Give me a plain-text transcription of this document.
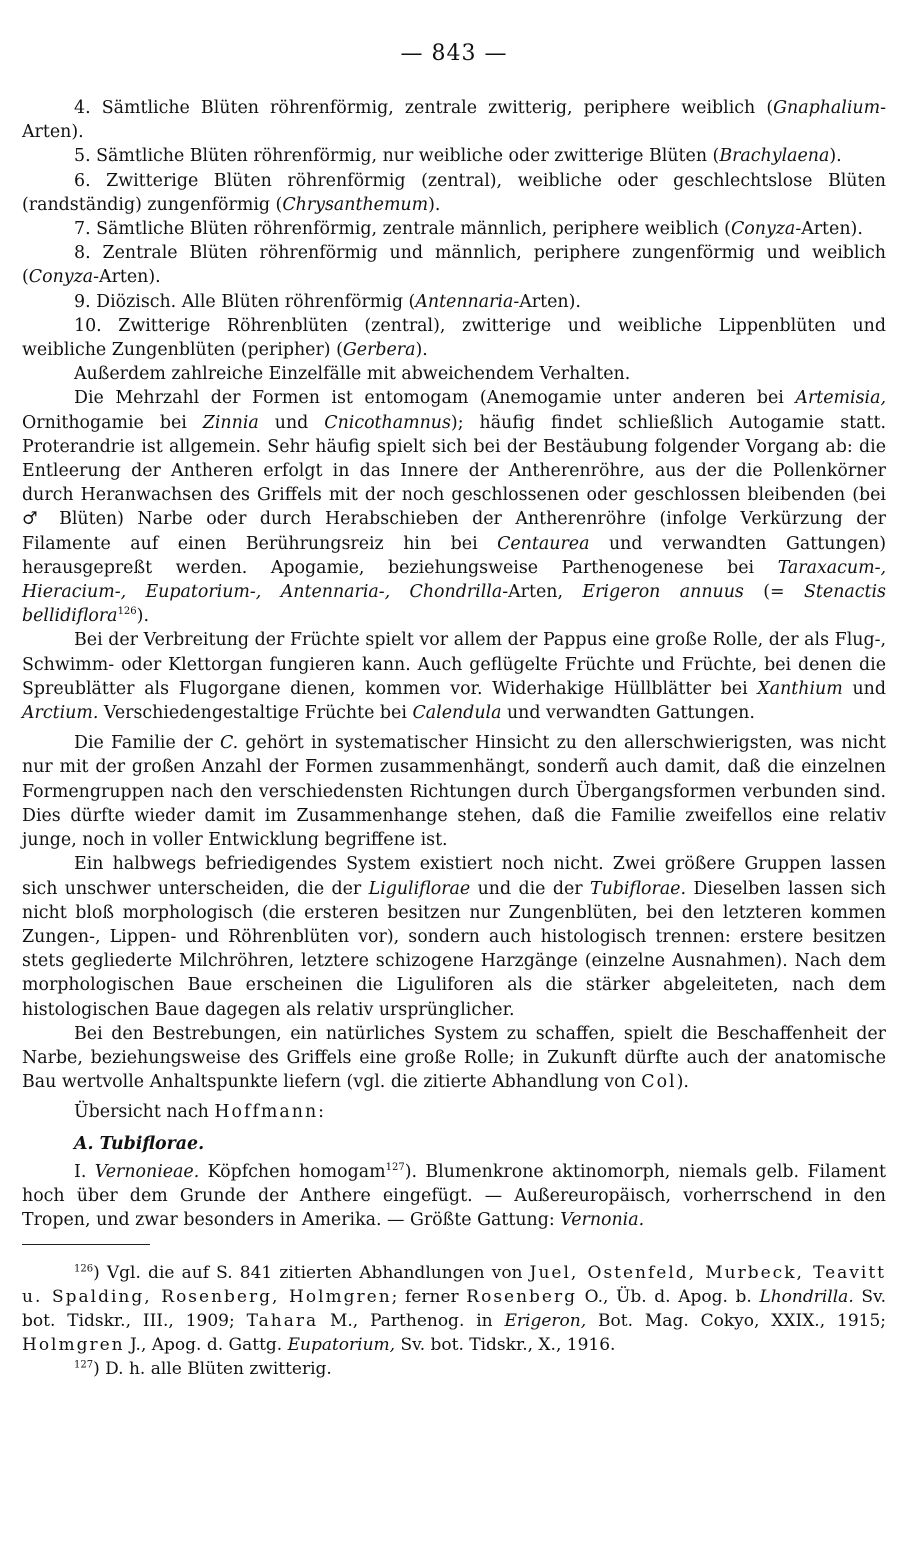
— 843 —

4. Sämtliche Blüten röhrenförmig, zentrale zwitterig, periphere weiblich (Gnaphalium-Arten).

5. Sämtliche Blüten röhrenförmig, nur weibliche oder zwitterige Blüten (Brachylaena).

6. Zwitterige Blüten röhrenförmig (zentral), weibliche oder geschlechtslose Blüten (randständig) zungenförmig (Chrysanthemum).

7. Sämtliche Blüten röhrenförmig, zentrale männlich, periphere weiblich (Conyza-Arten).

8. Zentrale Blüten röhrenförmig und männlich, periphere zungenförmig und weiblich (Conyza-Arten).

9. Diözisch. Alle Blüten röhrenförmig (Antennaria-Arten).

10. Zwitterige Röhrenblüten (zentral), zwitterige und weibliche Lippenblüten und weibliche Zungenblüten (peripher) (Gerbera).

Außerdem zahlreiche Einzelfälle mit abweichendem Verhalten.

Die Mehrzahl der Formen ist entomogam (Anemogamie unter anderen bei Artemisia, Ornithogamie bei Zinnia und Cnicothamnus); häufig findet schließlich Autogamie statt. Proterandrie ist allgemein. Sehr häufig spielt sich bei der Bestäubung folgender Vorgang ab: die Entleerung der Antheren erfolgt in das Innere der Antherenröhre, aus der die Pollenkörner durch Heranwachsen des Griffels mit der noch geschlossenen oder geschlossen bleibenden (bei ♂ Blüten) Narbe oder durch Herabschieben der Antherenröhre (infolge Verkürzung der Filamente auf einen Berührungsreiz hin bei Centaurea und verwandten Gattungen) herausgepreßt werden. Apogamie, beziehungsweise Parthenogenese bei Taraxacum-, Hieracium-, Eupatorium-, Antennaria-, Chondrilla-Arten, Erigeron annuus (= Stenactis bellidiflora$^{126}$).

Bei der Verbreitung der Früchte spielt vor allem der Pappus eine große Rolle, der als Flug-, Schwimm- oder Klettorgan fungieren kann. Auch geflügelte Früchte und Früchte, bei denen die Spreublätter als Flugorgane dienen, kommen vor. Widerhakige Hüllblätter bei Xanthium und Arctium. Verschiedengestaltige Früchte bei Calendula und verwandten Gattungen.

Die Familie der C. gehört in systematischer Hinsicht zu den allerschwierigsten, was nicht nur mit der großen Anzahl der Formen zusammenhängt, sonderñ auch damit, daß die einzelnen Formengruppen nach den verschiedensten Richtungen durch Übergangsformen verbunden sind. Dies dürfte wieder damit im Zusammenhange stehen, daß die Familie zweifellos eine relativ junge, noch in voller Entwicklung begriffene ist.

Ein halbwegs befriedigendes System existiert noch nicht. Zwei größere Gruppen lassen sich unschwer unterscheiden, die der Liguliflorae und die der Tubiflorae. Dieselben lassen sich nicht bloß morphologisch (die ersteren besitzen nur Zungenblüten, bei den letzteren kommen Zungen-, Lippen- und Röhrenblüten vor), sondern auch histologisch trennen: erstere besitzen stets gegliederte Milchröhren, letztere schizogene Harzgänge (einzelne Ausnahmen). Nach dem morphologischen Baue erscheinen die Liguliforen als die stärker abgeleiteten, nach dem histologischen Baue dagegen als relativ ursprünglicher.

Bei den Bestrebungen, ein natürliches System zu schaffen, spielt die Beschaffenheit der Narbe, beziehungsweise des Griffels eine große Rolle; in Zukunft dürfte auch der anatomische Bau wertvolle Anhaltspunkte liefern (vgl. die zitierte Abhandlung von Col).

Übersicht nach Hoffmann:

A. Tubiflorae.

I. Vernonieae. Köpfchen homogam$^{127}$). Blumenkrone aktinomorph, niemals gelb. Filament hoch über dem Grunde der Anthere eingefügt. — Außereuropäisch, vorherrschend in den Tropen, und zwar besonders in Amerika. — Größte Gattung: Vernonia.

$^{126}$) Vgl. die auf S. 841 zitierten Abhandlungen von Juel, Ostenfeld, Murbeck, Teavitt u. Spalding, Rosenberg, Holmgren; ferner Rosenberg O., Üb. d. Apog. b. Lhondrilla. Sv. bot. Tidskr., III., 1909; Tahara M., Parthenog. in Erigeron, Bot. Mag. Cokyo, XXIX., 1915; Holmgren J., Apog. d. Gattg. Eupatorium, Sv. bot. Tidskr., X., 1916.

$^{127}$) D. h. alle Blüten zwitterig.
